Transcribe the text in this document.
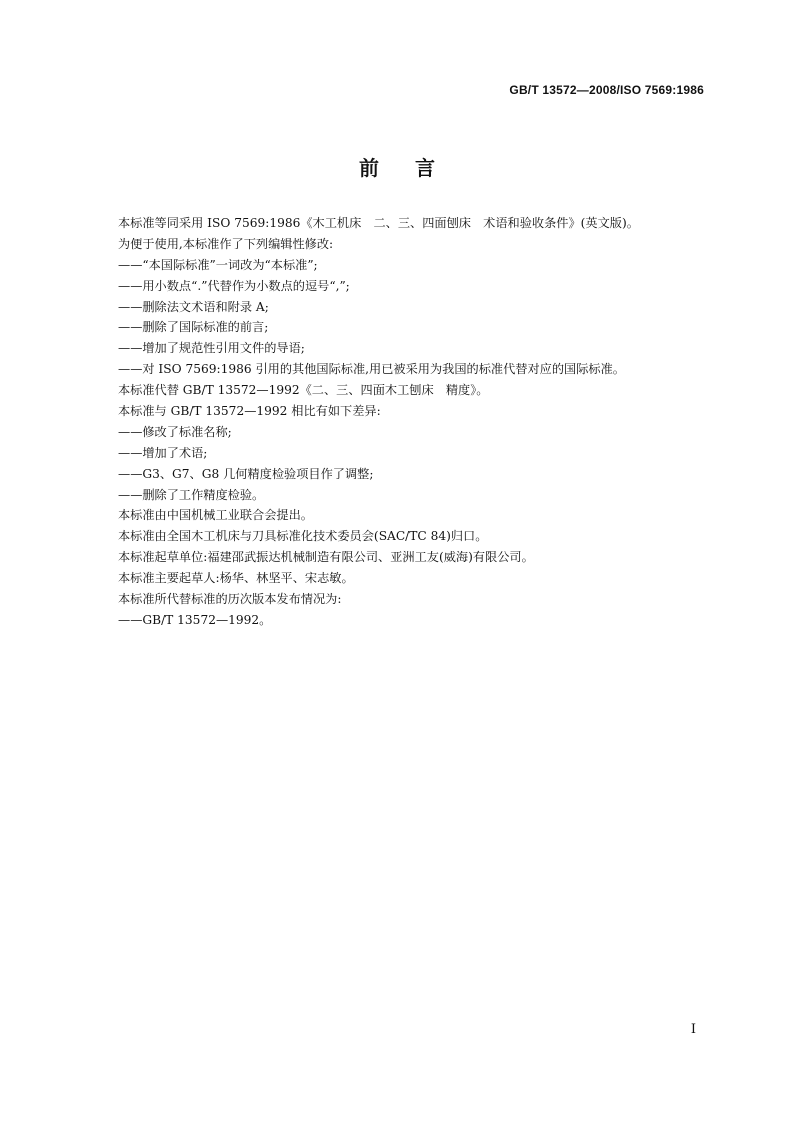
GB/T 13572—2008/ISO 7569:1986
前言
本标准等同采用 ISO 7569:1986《木工机床　二、三、四面刨床　术语和验收条件》(英文版)。
为便于使用,本标准作了下列编辑性修改:
——“本国际标准”一词改为“本标准”;
——用小数点“.”代替作为小数点的逗号“,”;
——删除法文术语和附录 A;
——删除了国际标准的前言;
——增加了规范性引用文件的导语;
——对 ISO 7569:1986 引用的其他国际标准,用已被采用为我国的标准代替对应的国际标准。
本标准代替 GB/T 13572—1992《二、三、四面木工刨床　精度》。
本标准与 GB/T 13572—1992 相比有如下差异:
——修改了标准名称;
——增加了术语;
——G3、G7、G8 几何精度检验项目作了调整;
——删除了工作精度检验。
本标准由中国机械工业联合会提出。
本标准由全国木工机床与刀具标准化技术委员会(SAC/TC 84)归口。
本标准起草单位:福建邵武振达机械制造有限公司、亚洲工友(威海)有限公司。
本标准主要起草人:杨华、林坚平、宋志敏。
本标准所代替标准的历次版本发布情况为:
——GB/T 13572—1992。
I
